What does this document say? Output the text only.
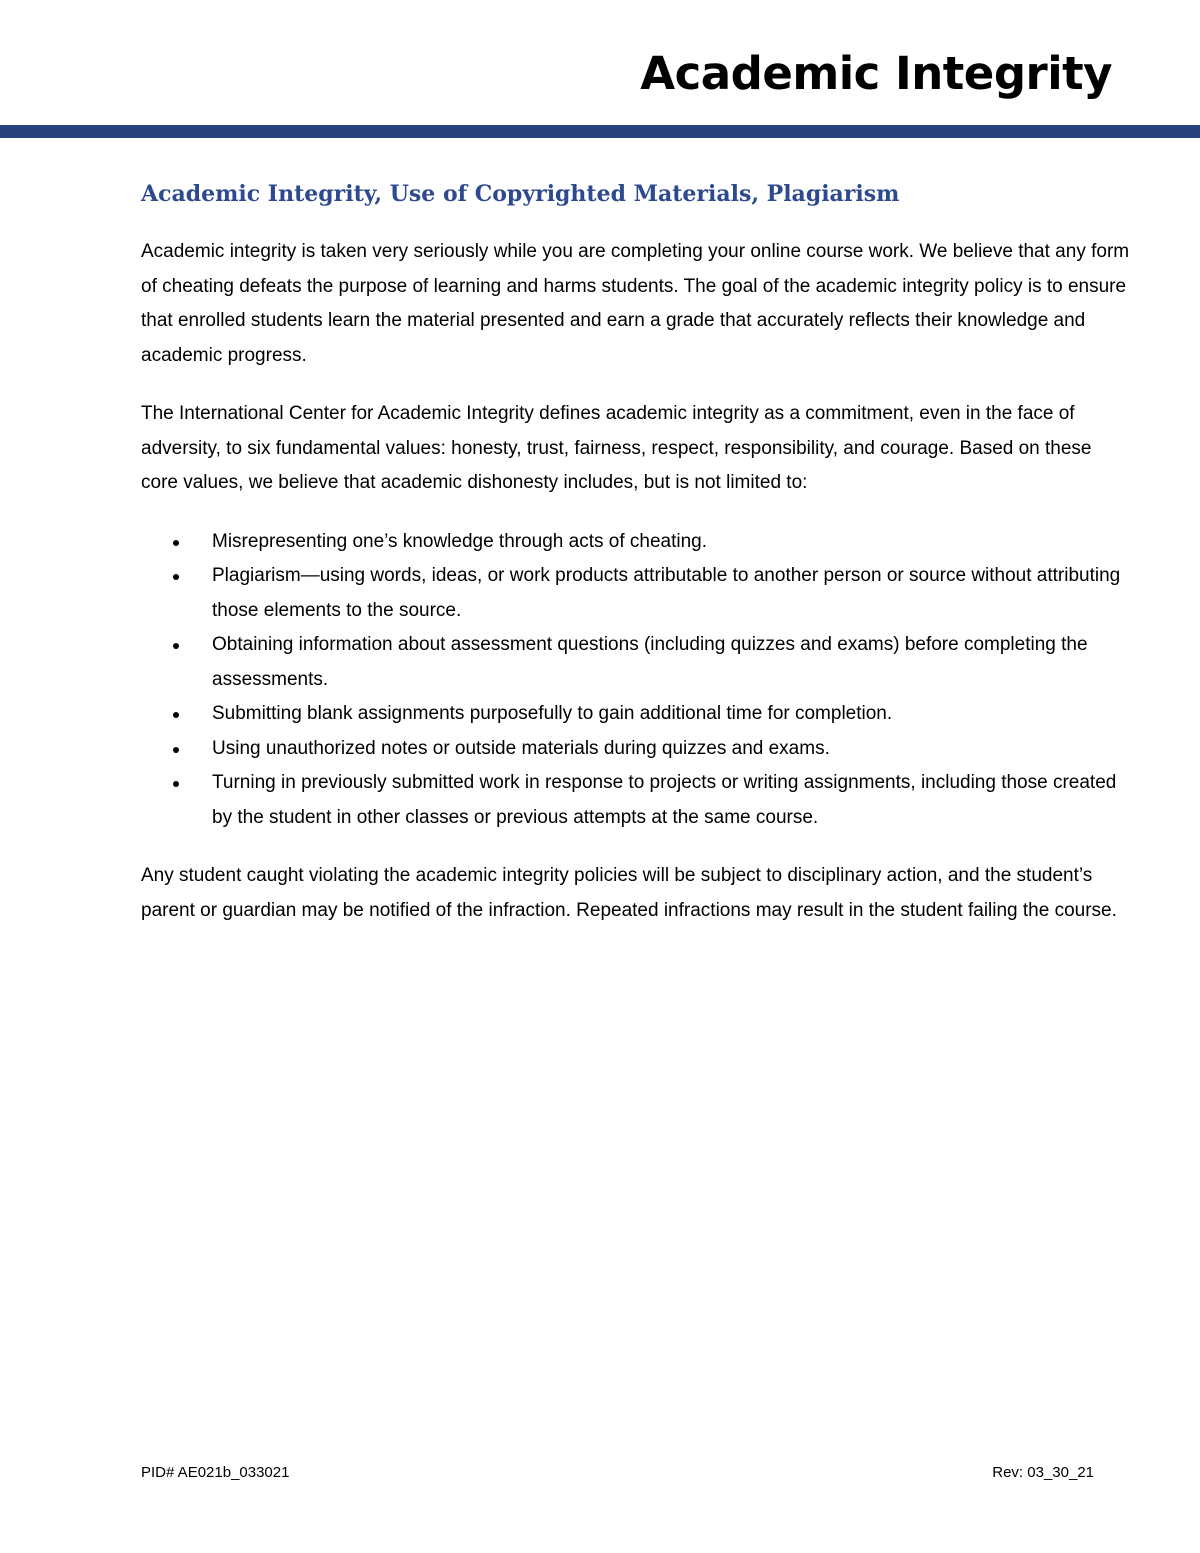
Academic Integrity
Academic Integrity, Use of Copyrighted Materials, Plagiarism

Academic integrity is taken very seriously while you are completing your online course work. We believe that any form of cheating defeats the purpose of learning and harms students. The goal of the academic integrity policy is to ensure that enrolled students learn the material presented and earn a grade that accurately reflects their knowledge and academic progress.

The International Center for Academic Integrity defines academic integrity as a commitment, even in the face of adversity, to six fundamental values: honesty, trust, fairness, respect, responsibility, and courage. Based on these core values, we believe that academic dishonesty includes, but is not limited to:

Misrepresenting one’s knowledge through acts of cheating.
Plagiarism—using words, ideas, or work products attributable to another person or source without attributing those elements to the source.
Obtaining information about assessment questions (including quizzes and exams) before completing the assessments.
Submitting blank assignments purposefully to gain additional time for completion.
Using unauthorized notes or outside materials during quizzes and exams.
Turning in previously submitted work in response to projects or writing assignments, including those created by the student in other classes or previous attempts at the same course.

Any student caught violating the academic integrity policies will be subject to disciplinary action, and the student’s parent or guardian may be notified of the infraction. Repeated infractions may result in the student failing the course.

PID# AE021b_033021	Rev: 03_30_21
